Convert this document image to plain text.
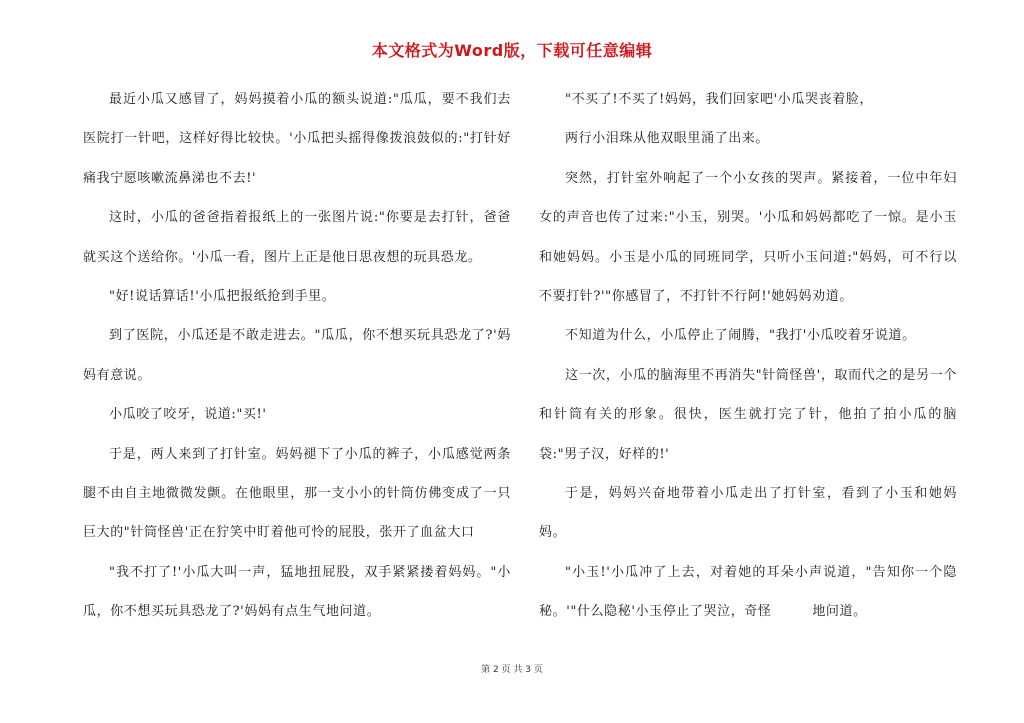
本文格式为Word版，下载可任意编辑

最近小瓜又感冒了，妈妈摸着小瓜的额头说道:"瓜瓜，要不我们去医院打一针吧，这样好得比较快。'小瓜把头摇得像拨浪鼓似的:"打针好痛我宁愿咳嗽流鼻涕也不去!'

这时，小瓜的爸爸指着报纸上的一张图片说:"你要是去打针，爸爸就买这个送给你。'小瓜一看，图片上正是他日思夜想的玩具恐龙。

"好!说话算话!'小瓜把报纸抢到手里。

到了医院，小瓜还是不敢走进去。"瓜瓜，你不想买玩具恐龙了?'妈妈有意说。

小瓜咬了咬牙，说道:"买!'

于是，两人来到了打针室。妈妈褪下了小瓜的裤子，小瓜感觉两条腿不由自主地微微发颤。在他眼里，那一支小小的针筒仿佛变成了一只巨大的"针筒怪兽'正在狞笑中盯着他可怜的屁股，张开了血盆大口

"我不打了!'小瓜大叫一声，猛地扭屁股，双手紧紧搂着妈妈。"小瓜，你不想买玩具恐龙了?'妈妈有点生气地问道。

"不买了!不买了!妈妈，我们回家吧'小瓜哭丧着脸，

两行小泪珠从他双眼里涌了出来。

突然，打针室外响起了一个小女孩的哭声。紧接着，一位中年妇女的声音也传了过来:"小玉，别哭。'小瓜和妈妈都吃了一惊。是小玉和她妈妈。小玉是小瓜的同班同学，只听小玉问道:"妈妈，可不行以不要打针?'"你感冒了，不打针不行阿!'她妈妈劝道。

不知道为什么，小瓜停止了闹腾，"我打'小瓜咬着牙说道。

这一次，小瓜的脑海里不再消失"针筒怪兽'，取而代之的是另一个和针筒有关的形象。很快，医生就打完了针，他拍了拍小瓜的脑袋:"男子汉，好样的!'

于是，妈妈兴奋地带着小瓜走出了打针室，看到了小玉和她妈妈。

"小玉!'小瓜冲了上去，对着她的耳朵小声说道，"告知你一个隐秘。'"什么隐秘'小玉停止了哭泣，奇怪　　　地问道。

第 2 页 共 3 页
